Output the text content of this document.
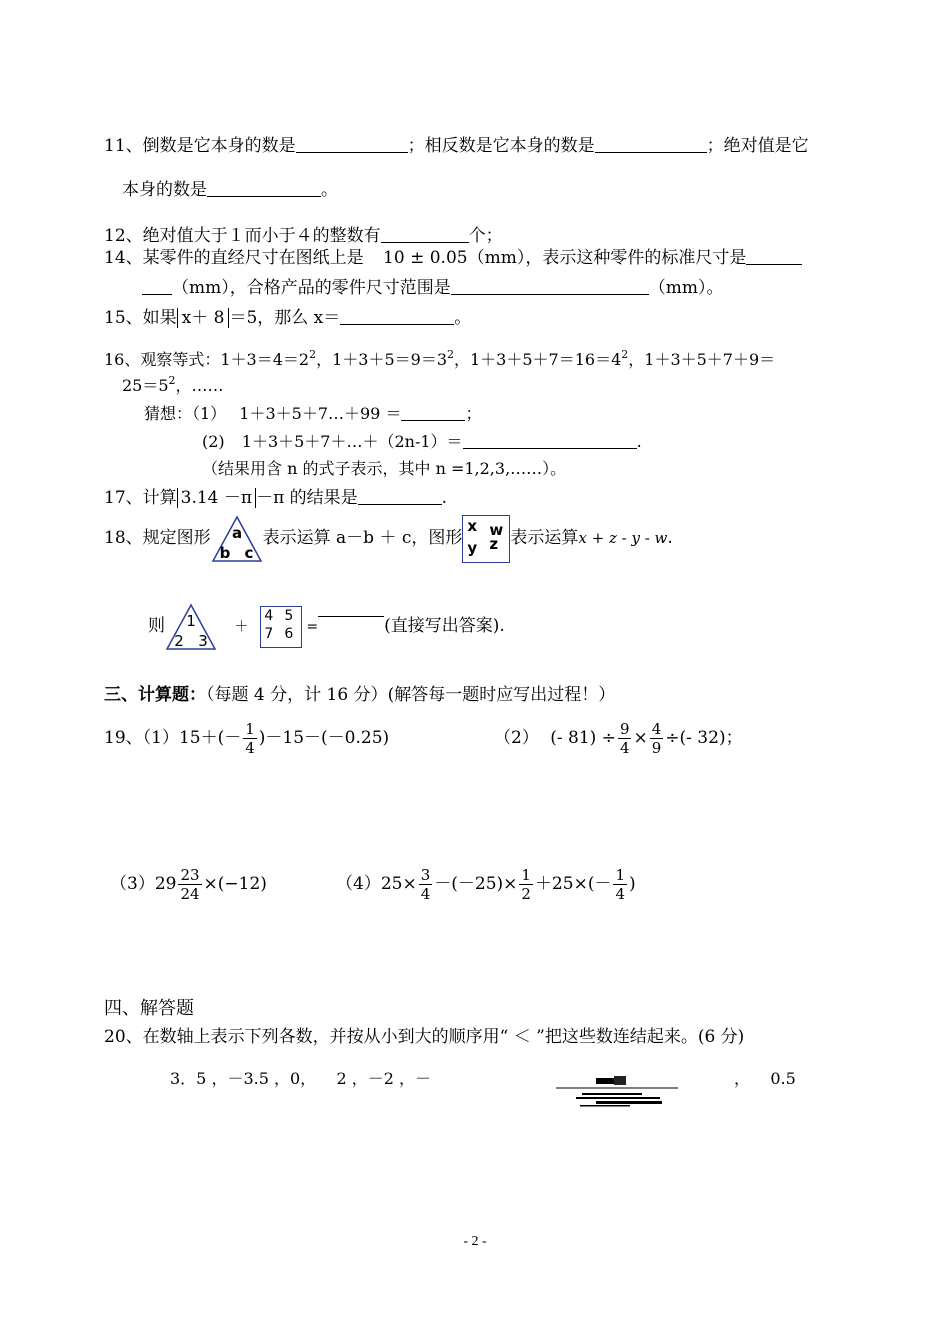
11、倒数是它本身的数是	；相反数是它本身的数是	；绝对值是它
本身的数是	。
12、绝对值大于１而小于４的整数有	个；
14、某零件的直经尺寸在图纸上是 10 ± 0.05（mm），表示这种零件的标准尺寸是
（mm），合格产品的零件尺寸范围是	（mm）。
15、如果 x＋ 8 ＝5，那么 x＝	。
16、观察等式：$1+3=4=2^2$，$1+3+5=9=3^2$，$1+3+5+7=16=4^2$，1＋3＋5＋7＋9＝
$25=5^2$，……
猜想：（1） 1＋3＋5＋7…＋99 ＝	；
(2) 1＋3＋5＋7＋…＋（2n-1）＝	.
（结果用含 n 的式子表示，其中 n =1,2,3,……）。
17、计算 3.14 －π －π 的结果是	.
18、规定图形 a
b c
表示运算 a－b ＋ c，图形
x w
y z 表示运算x + z - y - w.
则 1
2 3
＋
4 5
7 6 =	(直接写出答案).
三、计算题：（每题 4 分，计 16 分）(解答每一题时应写出过程！）
19、$(1)15+(- \frac{1}{4} )-15-(-0.25)$	（2） (- $81) \div \frac{9}{4} \times \frac{4}{9}$ ÷(- 32)；
$(3)29 \frac{23}{24} \times(-12)$	$(4)25\times \frac{3}{4} -(-25)\times \frac{1}{2} +25\times(- \frac{1}{4}$ )
四、解答题
20、在数轴上表示下列各数，并按从小到大的顺序用“ ＜ ”把这些数连结起来。(6 分)
3．5 ，－3.5 ，0，    2 ，－2 ，－	，    0.5
- 2 -
